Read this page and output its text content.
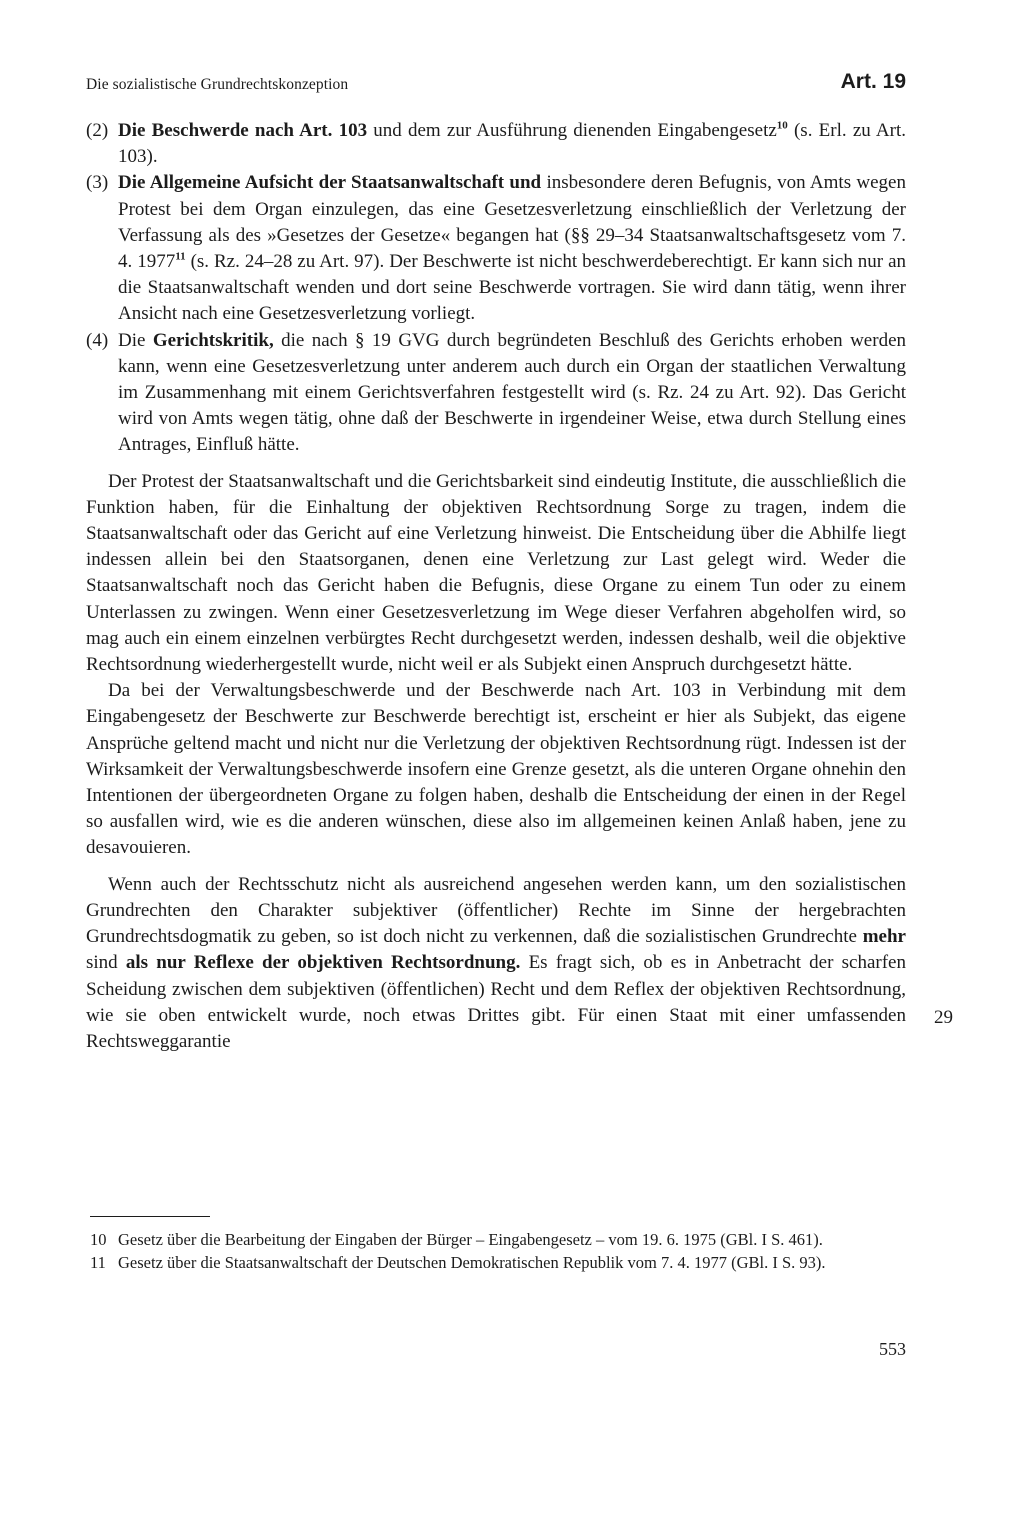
Die sozialistische Grundrechtskonzeption	Art. 19
(2) Die Beschwerde nach Art. 103 und dem zur Ausführung dienenden Eingabengesetz$^{10}$ (s. Erl. zu Art. 103).
(3) Die Allgemeine Aufsicht der Staatsanwaltschaft und insbesondere deren Befugnis, von Amts wegen Protest bei dem Organ einzulegen, das eine Gesetzesverletzung einschließlich der Verletzung der Verfassung als des »Gesetzes der Gesetze« begangen hat (§§ 29–34 Staatsanwaltschaftsgesetz vom 7. 4. 1977$^{11}$ (s. Rz. 24–28 zu Art. 97). Der Beschwerte ist nicht beschwerdeberechtigt. Er kann sich nur an die Staatsanwaltschaft wenden und dort seine Beschwerde vortragen. Sie wird dann tätig, wenn ihrer Ansicht nach eine Gesetzesverletzung vorliegt.
(4) Die Gerichtskritik, die nach § 19 GVG durch begründeten Beschluß des Gerichts erhoben werden kann, wenn eine Gesetzesverletzung unter anderem auch durch ein Organ der staatlichen Verwaltung im Zusammenhang mit einem Gerichtsverfahren festgestellt wird (s. Rz. 24 zu Art. 92). Das Gericht wird von Amts wegen tätig, ohne daß der Beschwerte in irgendeiner Weise, etwa durch Stellung eines Antrages, Einfluß hätte.

Der Protest der Staatsanwaltschaft und die Gerichtsbarkeit sind eindeutig Institute, die ausschließlich die Funktion haben, für die Einhaltung der objektiven Rechtsordnung Sorge zu tragen, indem die Staatsanwaltschaft oder das Gericht auf eine Verletzung hinweist. Die Entscheidung über die Abhilfe liegt indessen allein bei den Staatsorganen, denen eine Verletzung zur Last gelegt wird. Weder die Staatsanwaltschaft noch das Gericht haben die Befugnis, diese Organe zu einem Tun oder zu einem Unterlassen zu zwingen. Wenn einer Gesetzesverletzung im Wege dieser Verfahren abgeholfen wird, so mag auch ein einem einzelnen verbürgtes Recht durchgesetzt werden, indessen deshalb, weil die objektive Rechtsordnung wiederhergestellt wurde, nicht weil er als Subjekt einen Anspruch durchgesetzt hätte.

Da bei der Verwaltungsbeschwerde und der Beschwerde nach Art. 103 in Verbindung mit dem Eingabengesetz der Beschwerte zur Beschwerde berechtigt ist, erscheint er hier als Subjekt, das eigene Ansprüche geltend macht und nicht nur die Verletzung der objektiven Rechtsordnung rügt. Indessen ist der Wirksamkeit der Verwaltungsbeschwerde insofern eine Grenze gesetzt, als die unteren Organe ohnehin den Intentionen der übergeordneten Organe zu folgen haben, deshalb die Entscheidung der einen in der Regel so ausfallen wird, wie es die anderen wünschen, diese also im allgemeinen keinen Anlaß haben, jene zu desavouieren.

Wenn auch der Rechtsschutz nicht als ausreichend angesehen werden kann, um den sozialistischen Grundrechten den Charakter subjektiver (öffentlicher) Rechte im Sinne der hergebrachten Grundrechtsdogmatik zu geben, so ist doch nicht zu verkennen, daß die sozialistischen Grundrechte mehr sind als nur Reflexe der objektiven Rechtsordnung. Es fragt sich, ob es in Anbetracht der scharfen Scheidung zwischen dem subjektiven (öffentlichen) Recht und dem Reflex der objektiven Rechtsordnung, wie sie oben entwickelt wurde, noch etwas Drittes gibt. Für einen Staat mit einer umfassenden Rechtsweggarantie

29
10 Gesetz über die Bearbeitung der Eingaben der Bürger – Eingabengesetz – vom 19. 6. 1975 (GBl. I S. 461).
11 Gesetz über die Staatsanwaltschaft der Deutschen Demokratischen Republik vom 7. 4. 1977 (GBl. I S. 93).
553
